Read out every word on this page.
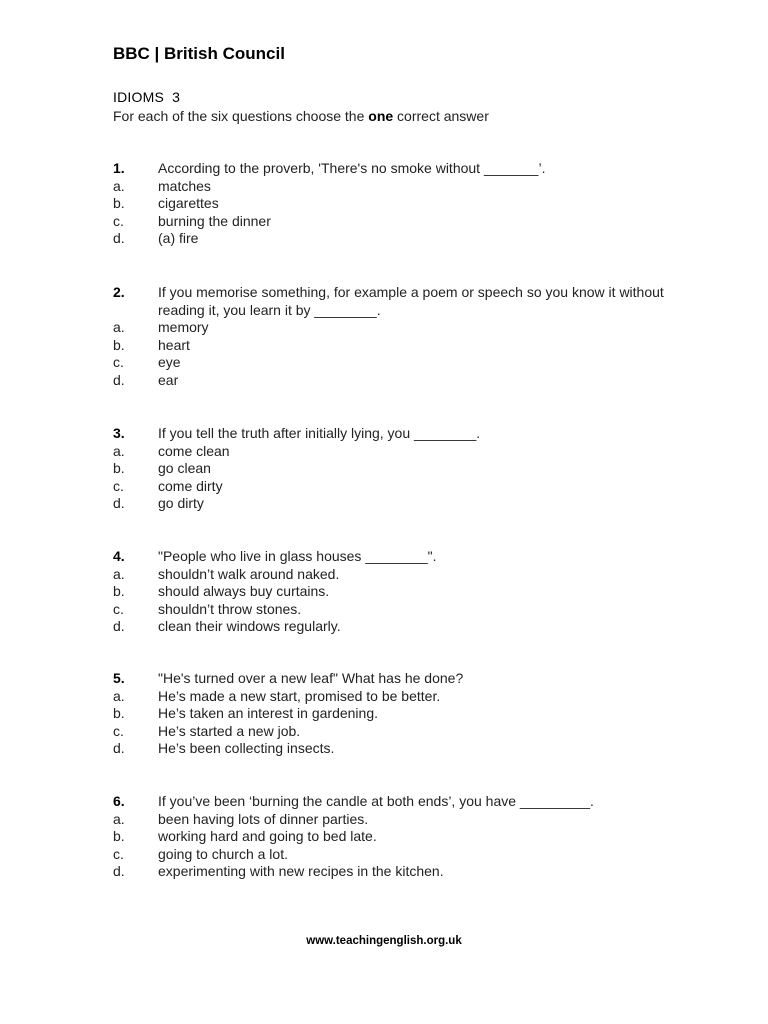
BBC | British Council
IDIOMS  3
For each of the six questions choose the one correct answer
1.	According to the proverb, 'There's no smoke without _______’.
a.	matches
b.	cigarettes
c.	burning the dinner
d.	(a) fire
2.	If you memorise something, for example a poem or speech so you know it without reading it, you learn it by ________.
a.	memory
b.	heart
c.	eye
d.	ear
3.	If you tell the truth after initially lying, you ________.
a.	come clean
b.	go clean
c.	come dirty
d.	go dirty
4.	"People who live in glass houses ________".
a.	shouldn’t walk around naked.
b.	should always buy curtains.
c.	shouldn’t throw stones.
d.	clean their windows regularly.
5.	"He's turned over a new leaf" What has he done?
a.	He’s made a new start, promised to be better.
b.	He’s taken an interest in gardening.
c.	He’s started a new job.
d.	He’s been collecting insects.
6.	If you’ve been ‘burning the candle at both ends’, you have _________.
a.	been having lots of dinner parties.
b.	working hard and going to bed late.
c.	going to church a lot.
d.	experimenting with new recipes in the kitchen.
www.teachingenglish.org.uk
